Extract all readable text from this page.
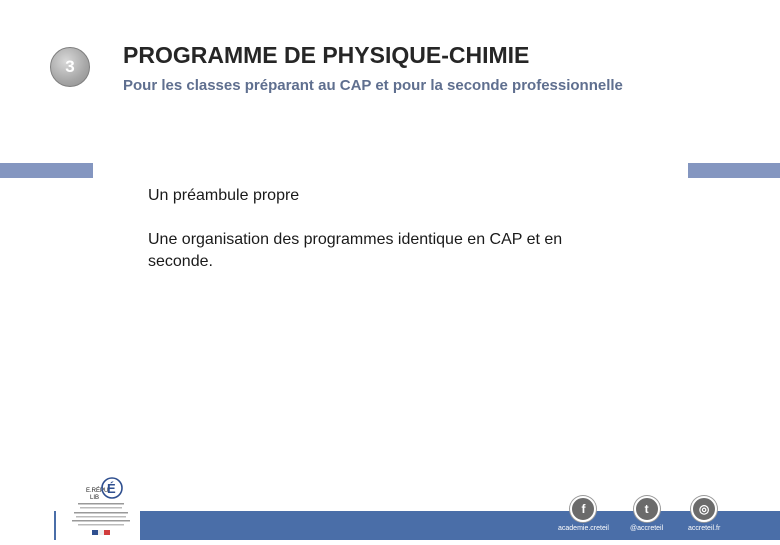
3 PROGRAMME DE PHYSIQUE-CHIMIE
Pour les classes préparant au CAP et pour la seconde professionnelle
Un préambule propre
Une organisation des programmes identique en CAP et en seconde.
E.RÉPU
LIB
É
f
academie.creteil
t
@accreteil
◎
accreteil.fr
